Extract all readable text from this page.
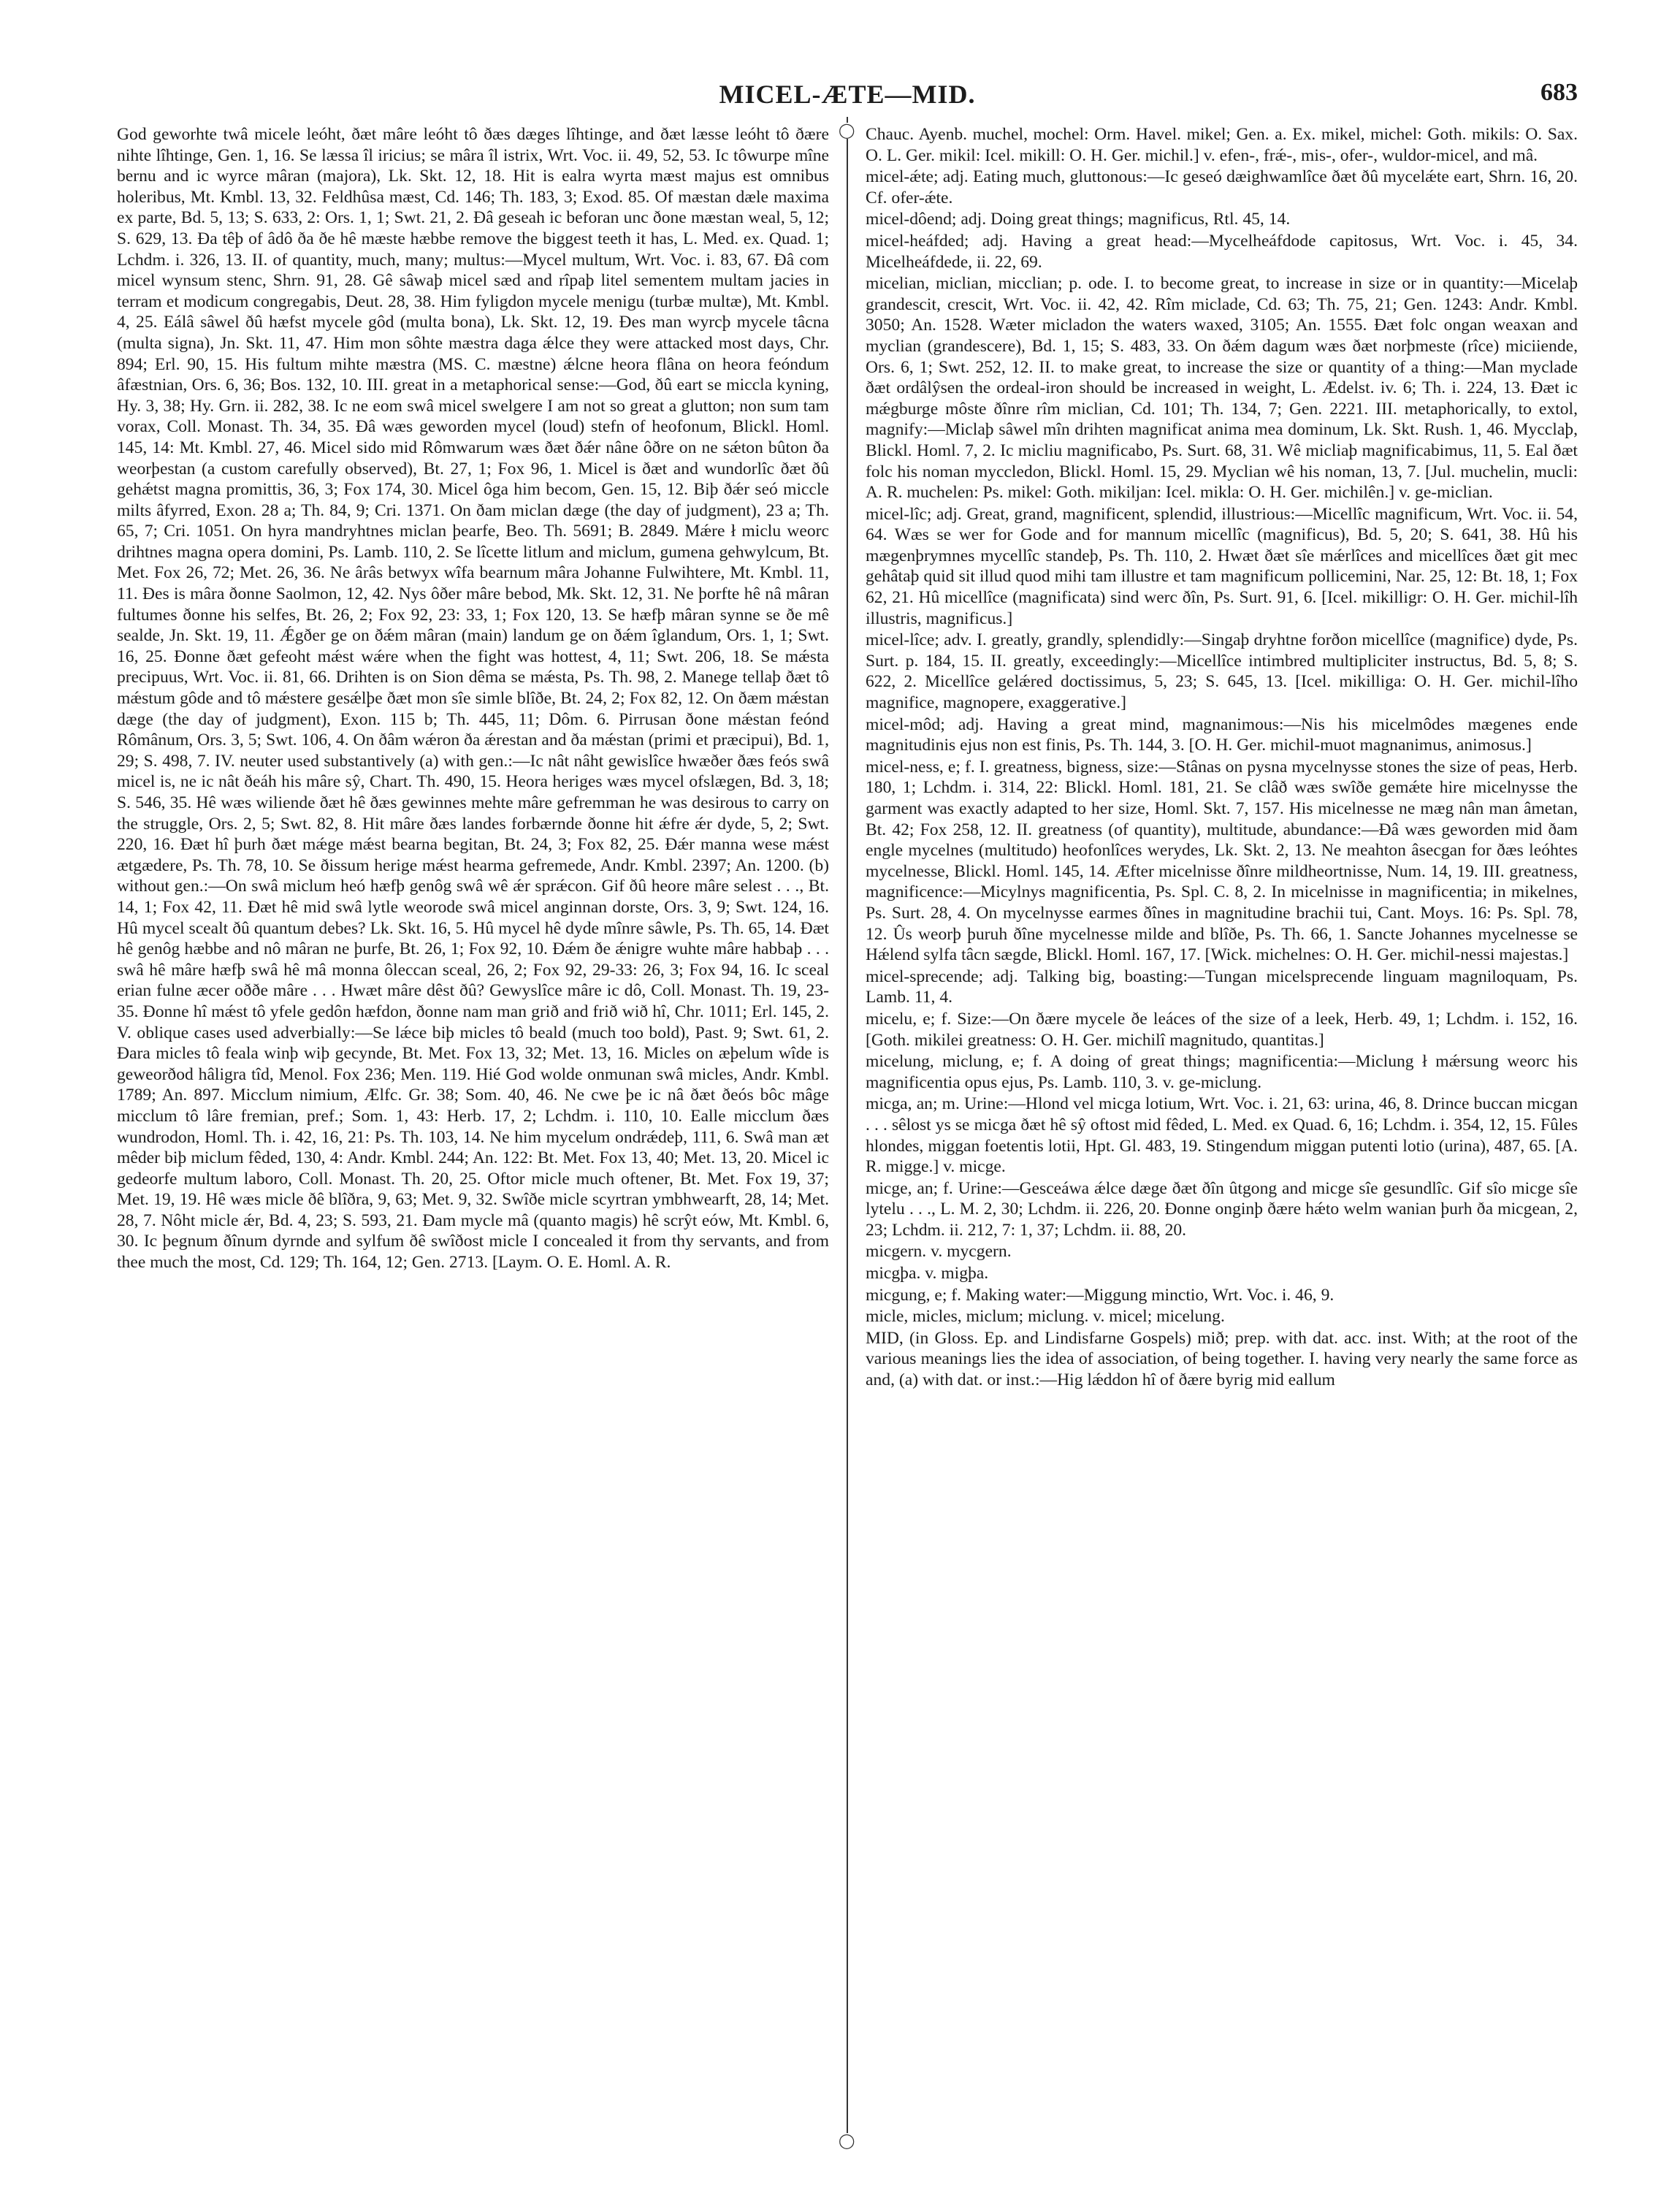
MICEL-ÆTE—MID.	683
◯
◯

God geworhte twâ micele leóht, ðæt mâre leóht tô ðæs dæges lîhtinge, and ðæt læsse leóht tô ðære nihte lîhtinge, Gen. 1, 16. Se læssa îl iricius; se mâra îl istrix, Wrt. Voc. ii. 49, 52, 53. Ic tôwurpe mîne bernu and ic wyrce mâran (majora), Lk. Skt. 12, 18. Hit is ealra wyrta mæst majus est omnibus holeribus, Mt. Kmbl. 13, 32. Feldhûsa mæst, Cd. 146; Th. 183, 3; Exod. 85. Of mæstan dæle maxima ex parte, Bd. 5, 13; S. 633, 2: Ors. 1, 1; Swt. 21, 2. Ðâ geseah ic beforan unc ðone mæstan weal, 5, 12; S. 629, 13. Ða têþ of âdô ða ðe hê mæste hæbbe remove the biggest teeth it has, L. Med. ex. Quad. 1; Lchdm. i. 326, 13. II. of quantity, much, many; multus:—Mycel multum, Wrt. Voc. i. 83, 67. Ðâ com micel wynsum stenc, Shrn. 91, 28. Gê sâwaþ micel sæd and rîpaþ litel sementem multam jacies in terram et modicum congregabis, Deut. 28, 38. Him fyligdon mycele menigu (turbæ multæ), Mt. Kmbl. 4, 25. Eálâ sâwel ðû hæfst mycele gôd (multa bona), Lk. Skt. 12, 19. Ðes man wyrcþ mycele tâcna (multa signa), Jn. Skt. 11, 47. Him mon sôhte mæstra daga ǽlce they were attacked most days, Chr. 894; Erl. 90, 15. His fultum mihte mæstra (MS. C. mæstne) ǽlcne heora flâna on heora feóndum âfæstnian, Ors. 6, 36; Bos. 132, 10. III. great in a metaphorical sense:—God, ðû eart se miccla kyning, Hy. 3, 38; Hy. Grn. ii. 282, 38. Ic ne eom swâ micel swelgere I am not so great a glutton; non sum tam vorax, Coll. Monast. Th. 34, 35. Ðâ wæs geworden mycel (loud) stefn of heofonum, Blickl. Homl. 145, 14: Mt. Kmbl. 27, 46. Micel sido mid Rômwarum wæs ðæt ðǽr nâne ôðre on ne sǽton bûton ða weorþestan (a custom carefully observed), Bt. 27, 1; Fox 96, 1. Micel is ðæt and wundorlîc ðæt ðû gehǽtst magna promittis, 36, 3; Fox 174, 30. Micel ôga him becom, Gen. 15, 12. Biþ ðǽr seó miccle milts âfyrred, Exon. 28 a; Th. 84, 9; Cri. 1371. On ðam miclan dæge (the day of judgment), 23 a; Th. 65, 7; Cri. 1051. On hyra mandryhtnes miclan þearfe, Beo. Th. 5691; B. 2849. Mǽre ł miclu weorc drihtnes magna opera domini, Ps. Lamb. 110, 2. Se lîcette litlum and miclum, gumena gehwylcum, Bt. Met. Fox 26, 72; Met. 26, 36. Ne ârâs betwyx wîfa bearnum mâra Johanne Fulwihtere, Mt. Kmbl. 11, 11. Ðes is mâra ðonne Saolmon, 12, 42. Nys ôðer mâre bebod, Mk. Skt. 12, 31. Ne þorfte hê nâ mâran fultumes ðonne his selfes, Bt. 26, 2; Fox 92, 23: 33, 1; Fox 120, 13. Se hæfþ mâran synne se ðe mê sealde, Jn. Skt. 19, 11. Ǽgðer ge on ðǽm mâran (main) landum ge on ðǽm îglandum, Ors. 1, 1; Swt. 16, 25. Ðonne ðæt gefeoht mǽst wǽre when the fight was hottest, 4, 11; Swt. 206, 18. Se mǽsta precipuus, Wrt. Voc. ii. 81, 66. Drihten is on Sion dêma se mǽsta, Ps. Th. 98, 2. Manege tellaþ ðæt tô mǽstum gôde and tô mǽstere gesǽlþe ðæt mon sîe simle blîðe, Bt. 24, 2; Fox 82, 12. On ðæm mǽstan dæge (the day of judgment), Exon. 115 b; Th. 445, 11; Dôm. 6. Pirrusan ðone mǽstan feónd Rômânum, Ors. 3, 5; Swt. 106, 4. On ðâm wǽron ða ǽrestan and ða mǽstan (primi et præcipui), Bd. 1, 29; S. 498, 7. IV. neuter used substantively (a) with gen.:—Ic nât nâht gewislîce hwæðer ðæs feós swâ micel is, ne ic nât ðeáh his mâre sŷ, Chart. Th. 490, 15. Heora heriges wæs mycel ofslægen, Bd. 3, 18; S. 546, 35. Hê wæs wiliende ðæt hê ðæs gewinnes mehte mâre gefremman he was desirous to carry on the struggle, Ors. 2, 5; Swt. 82, 8. Hit mâre ðæs landes forbærnde ðonne hit ǽfre ǽr dyde, 5, 2; Swt. 220, 16. Ðæt hî þurh ðæt mǽge mǽst bearna begitan, Bt. 24, 3; Fox 82, 25. Ðǽr manna wese mǽst ætgædere, Ps. Th. 78, 10. Se ðissum herige mǽst hearma gefremede, Andr. Kmbl. 2397; An. 1200. (b) without gen.:—On swâ miclum heó hæfþ genôg swâ wê ǽr sprǽcon. Gif ðû heore mâre selest . . ., Bt. 14, 1; Fox 42, 11. Ðæt hê mid swâ lytle weorode swâ micel anginnan dorste, Ors. 3, 9; Swt. 124, 16. Hû mycel scealt ðû quantum debes? Lk. Skt. 16, 5. Hû mycel hê dyde mînre sâwle, Ps. Th. 65, 14. Ðæt hê genôg hæbbe and nô mâran ne þurfe, Bt. 26, 1; Fox 92, 10. Ðǽm ðe ǽnigre wuhte mâre habbaþ . . . swâ hê mâre hæfþ swâ hê mâ monna ôleccan sceal, 26, 2; Fox 92, 29-33: 26, 3; Fox 94, 16. Ic sceal erian fulne æcer oððe mâre . . . Hwæt mâre dêst ðû? Gewyslîce mâre ic dô, Coll. Monast. Th. 19, 23-35. Ðonne hî mǽst tô yfele gedôn hæfdon, ðonne nam man grið and frið wið hî, Chr. 1011; Erl. 145, 2. V. oblique cases used adverbially:—Se lǽce biþ micles tô beald (much too bold), Past. 9; Swt. 61, 2. Ðara micles tô feala winþ wiþ gecynde, Bt. Met. Fox 13, 32; Met. 13, 16. Micles on æþelum wîde is geweorðod hâligra tîd, Menol. Fox 236; Men. 119. Hié God wolde onmunan swâ micles, Andr. Kmbl. 1789; An. 897. Micclum nimium, Ælfc. Gr. 38; Som. 40, 46. Ne cwe þe ic nâ ðæt ðeós bôc mâge micclum tô lâre fremian, pref.; Som. 1, 43: Herb. 17, 2; Lchdm. i. 110, 10. Ealle micclum ðæs wundrodon, Homl. Th. i. 42, 16, 21: Ps. Th. 103, 14. Ne him mycelum ondrǽdeþ, 111, 6. Swâ man æt mêder biþ miclum fêded, 130, 4: Andr. Kmbl. 244; An. 122: Bt. Met. Fox 13, 40; Met. 13, 20. Micel ic gedeorfe multum laboro, Coll. Monast. Th. 20, 25. Oftor micle much oftener, Bt. Met. Fox 19, 37; Met. 19, 19. Hê wæs micle ðê blîðra, 9, 63; Met. 9, 32. Swîðe micle scyrtran ymbhwearft, 28, 14; Met. 28, 7. Nôht micle ǽr, Bd. 4, 23; S. 593, 21. Ðam mycle mâ (quanto magis) hê scrŷt eów, Mt. Kmbl. 6, 30. Ic þegnum ðînum dyrnde and sylfum ðê swîðost micle I concealed it from thy servants, and from thee much the most, Cd. 129; Th. 164, 12; Gen. 2713. [Laym. O. E. Homl. A. R.

Chauc. Ayenb. muchel, mochel: Orm. Havel. mikel; Gen. a. Ex. mikel, michel: Goth. mikils: O. Sax. O. L. Ger. mikil: Icel. mikill: O. H. Ger. michil.] v. efen-, frǽ-, mis-, ofer-, wuldor-micel, and mâ.

micel-ǽte; adj. Eating much, gluttonous:—Ic geseó dæighwamlîce ðæt ðû mycelǽte eart, Shrn. 16, 20. Cf. ofer-ǽte.

micel-dôend; adj. Doing great things; magnificus, Rtl. 45, 14.

micel-heáfded; adj. Having a great head:—Mycelheáfdode capitosus, Wrt. Voc. i. 45, 34. Micelheáfdede, ii. 22, 69.

micelian, miclian, micclian; p. ode. I. to become great, to increase in size or in quantity:—Micelaþ grandescit, crescit, Wrt. Voc. ii. 42, 42. Rîm miclade, Cd. 63; Th. 75, 21; Gen. 1243: Andr. Kmbl. 3050; An. 1528. Wæter micladon the waters waxed, 3105; An. 1555. Ðæt folc ongan weaxan and myclian (grandescere), Bd. 1, 15; S. 483, 33. On ðǽm dagum wæs ðæt norþmeste (rîce) miciiende, Ors. 6, 1; Swt. 252, 12. II. to make great, to increase the size or quantity of a thing:—Man myclade ðæt ordâlŷsen the ordeal-iron should be increased in weight, L. Ædelst. iv. 6; Th. i. 224, 13. Ðæt ic mǽgburge môste ðînre rîm miclian, Cd. 101; Th. 134, 7; Gen. 2221. III. metaphorically, to extol, magnify:—Miclaþ sâwel mîn drihten magnificat anima mea dominum, Lk. Skt. Rush. 1, 46. Mycclaþ, Blickl. Homl. 7, 2. Ic micliu magnificabo, Ps. Surt. 68, 31. Wê micliaþ magnificabimus, 11, 5. Eal ðæt folc his noman myccledon, Blickl. Homl. 15, 29. Myclian wê his noman, 13, 7. [Jul. muchelin, mucli: A. R. muchelen: Ps. mikel: Goth. mikiljan: Icel. mikla: O. H. Ger. michilên.] v. ge-miclian.

micel-lîc; adj. Great, grand, magnificent, splendid, illustrious:—Micellîc magnificum, Wrt. Voc. ii. 54, 64. Wæs se wer for Gode and for mannum micellîc (magnificus), Bd. 5, 20; S. 641, 38. Hû his mægenþrymnes mycellîc standeþ, Ps. Th. 110, 2. Hwæt ðæt sîe mǽrlîces and micellîces ðæt git mec gehâtaþ quid sit illud quod mihi tam illustre et tam magnificum pollicemini, Nar. 25, 12: Bt. 18, 1; Fox 62, 21. Hû micellîce (magnificata) sind werc ðîn, Ps. Surt. 91, 6. [Icel. mikilligr: O. H. Ger. michil-lîh illustris, magnificus.]

micel-lîce; adv. I. greatly, grandly, splendidly:—Singaþ dryhtne forðon micellîce (magnifice) dyde, Ps. Surt. p. 184, 15. II. greatly, exceedingly:—Micellîce intimbred multipliciter instructus, Bd. 5, 8; S. 622, 2. Micellîce gelǽred doctissimus, 5, 23; S. 645, 13. [Icel. mikilliga: O. H. Ger. michil-lîho magnifice, magnopere, exaggerative.]

micel-môd; adj. Having a great mind, magnanimous:—Nis his micelmôdes mægenes ende magnitudinis ejus non est finis, Ps. Th. 144, 3. [O. H. Ger. michil-muot magnanimus, animosus.]

micel-ness, e; f. I. greatness, bigness, size:—Stânas on pysna mycelnysse stones the size of peas, Herb. 180, 1; Lchdm. i. 314, 22: Blickl. Homl. 181, 21. Se clâð wæs swîðe gemǽte hire micelnysse the garment was exactly adapted to her size, Homl. Skt. 7, 157. His micelnesse ne mæg nân man âmetan, Bt. 42; Fox 258, 12. II. greatness (of quantity), multitude, abundance:—Ðâ wæs geworden mid ðam engle mycelnes (multitudo) heofonlîces werydes, Lk. Skt. 2, 13. Ne meahton âsecgan for ðæs leóhtes mycelnesse, Blickl. Homl. 145, 14. Æfter micelnisse ðînre mildheortnisse, Num. 14, 19. III. greatness, magnificence:—Micylnys magnificentia, Ps. Spl. C. 8, 2. In micelnisse in magnificentia; in mikelnes, Ps. Surt. 28, 4. On mycelnysse earmes ðînes in magnitudine brachii tui, Cant. Moys. 16: Ps. Spl. 78, 12. Ûs weorþ þuruh ðîne mycelnesse milde and blîðe, Ps. Th. 66, 1. Sancte Johannes mycelnesse se Hǽlend sylfa tâcn sægde, Blickl. Homl. 167, 17. [Wick. michelnes: O. H. Ger. michil-nessi majestas.]

micel-sprecende; adj. Talking big, boasting:—Tungan micelsprecende linguam magniloquam, Ps. Lamb. 11, 4.

micelu, e; f. Size:—On ðære mycele ðe leáces of the size of a leek, Herb. 49, 1; Lchdm. i. 152, 16. [Goth. mikilei greatness: O. H. Ger. michilî magnitudo, quantitas.]

micelung, miclung, e; f. A doing of great things; magnificentia:—Miclung ł mǽrsung weorc his magnificentia opus ejus, Ps. Lamb. 110, 3. v. ge-miclung.

micga, an; m. Urine:—Hlond vel micga lotium, Wrt. Voc. i. 21, 63: urina, 46, 8. Drince buccan micgan . . . sêlost ys se micga ðæt hê sŷ oftost mid fêded, L. Med. ex Quad. 6, 16; Lchdm. i. 354, 12, 15. Fûles hlondes, miggan foetentis lotii, Hpt. Gl. 483, 19. Stingendum miggan putenti lotio (urina), 487, 65. [A. R. migge.] v. micge.

micge, an; f. Urine:—Gesceáwa ǽlce dæge ðæt ðîn ûtgong and micge sîe gesundlîc. Gif sîo micge sîe lytelu . . ., L. M. 2, 30; Lchdm. ii. 226, 20. Ðonne onginþ ðære hǽto welm wanian þurh ða micgean, 2, 23; Lchdm. ii. 212, 7: 1, 37; Lchdm. ii. 88, 20.

micgern. v. mycgern.

micgþa. v. migþa.

micgung, e; f. Making water:—Miggung minctio, Wrt. Voc. i. 46, 9.

micle, micles, miclum; miclung. v. micel; micelung.

MID, (in Gloss. Ep. and Lindisfarne Gospels) mið; prep. with dat. acc. inst. With; at the root of the various meanings lies the idea of association, of being together. I. having very nearly the same force as and, (a) with dat. or inst.:—Hig lǽddon hî of ðære byrig mid eallum
